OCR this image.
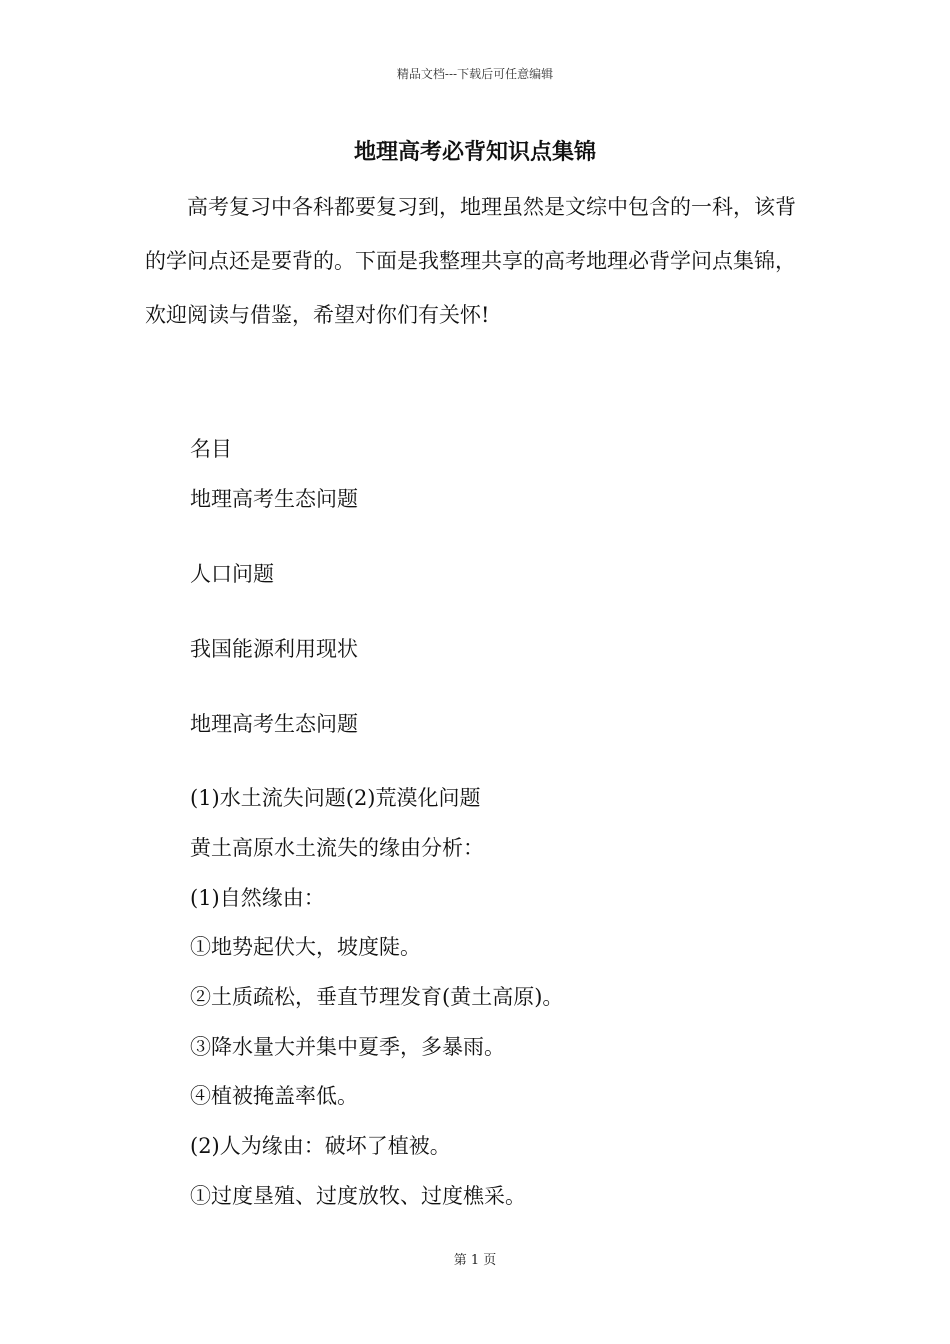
精品文档---下载后可任意编辑
地理高考必背知识点集锦

高考复习中各科都要复习到，地理虽然是文综中包含的一科，该背的学问点还是要背的。下面是我整理共享的高考地理必背学问点集锦，欢迎阅读与借鉴，希望对你们有关怀!

名目

地理高考生态问题

人口问题

我国能源利用现状

地理高考生态问题

(1)水土流失问题(2)荒漠化问题

黄土高原水土流失的缘由分析：

(1)自然缘由：

①地势起伏大，坡度陡。

②土质疏松，垂直节理发育(黄土高原)。

③降水量大并集中夏季，多暴雨。

④植被掩盖率低。

(2)人为缘由：破坏了植被。

①过度垦殖、过度放牧、过度樵采。

第 1 页
